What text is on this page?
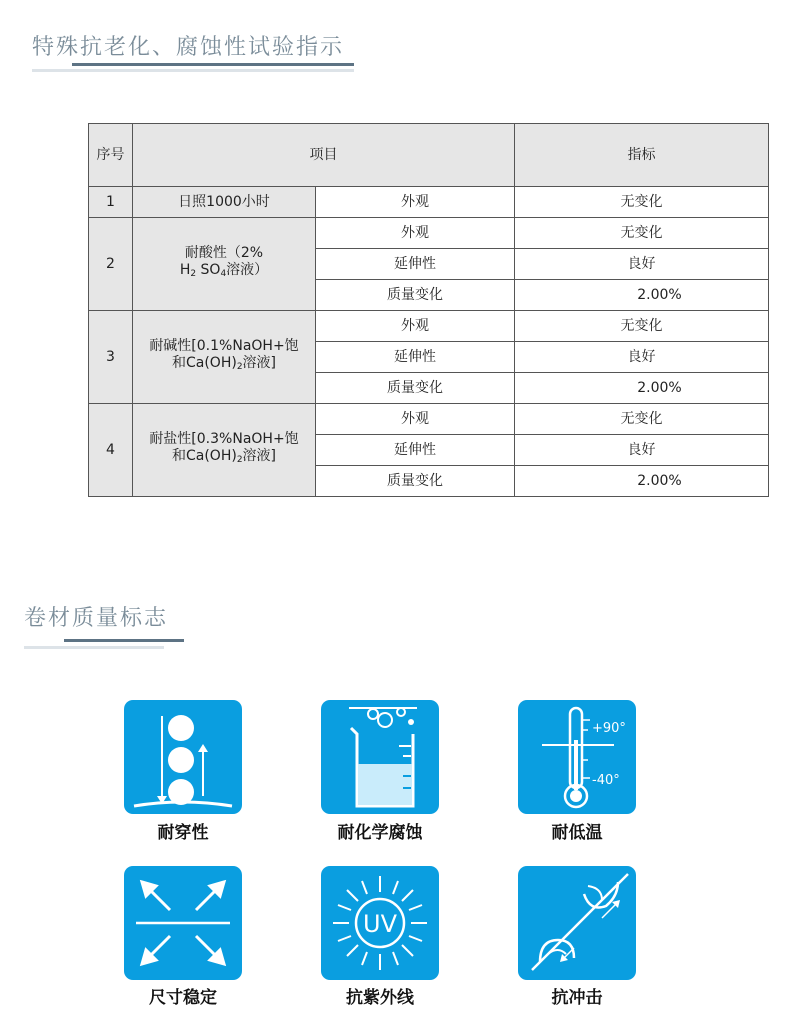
特殊抗老化、腐蚀性试验指示
序号	项目		指标
1	日照1000小时	外观	无变化
2	耐酸性（2%
$H_2$ $SO_4$溶液）	外观	无变化
		延伸性	良好
		质量变化	2.00%
3	耐碱性[0.1%NaOH+饱
和$Ca(OH)_2$溶液]	外观	无变化
		延伸性	良好
		质量变化	2.00%
4	耐盐性[0.3%NaOH+饱
和$Ca(OH)_2$溶液]	外观	无变化
		延伸性	良好
		质量变化	2.00%
卷材质量标志
耐穿性	耐化学腐蚀
+90°
-40°
耐低温
尺寸稳定
UV
抗紫外线	抗冲击
